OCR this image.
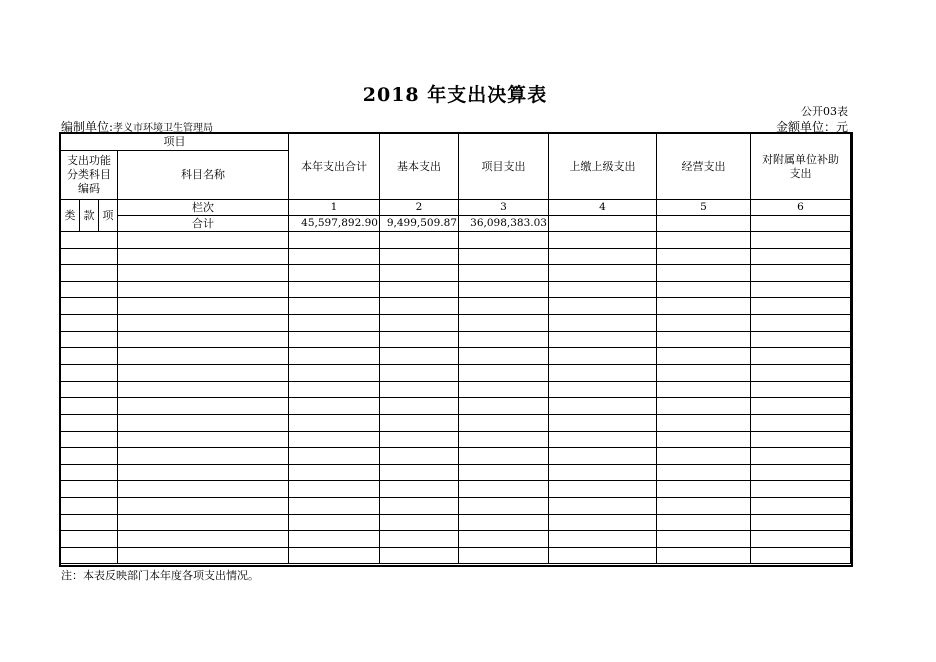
2018 年支出决算表
公开03表
编制单位:孝义市环境卫生管理局	金额单位：元
项目				本年支出合计	基本支出	项目支出	上缴上级支出	经营支出	对附属单位补助支出
支出功能分类科目编码			科目名称						
类	款	项	栏次	1	2	3	4	5	6
			合计	45,597,892.90	9,499,509.87	36,098,383.03			

注：本表反映部门本年度各项支出情况。
